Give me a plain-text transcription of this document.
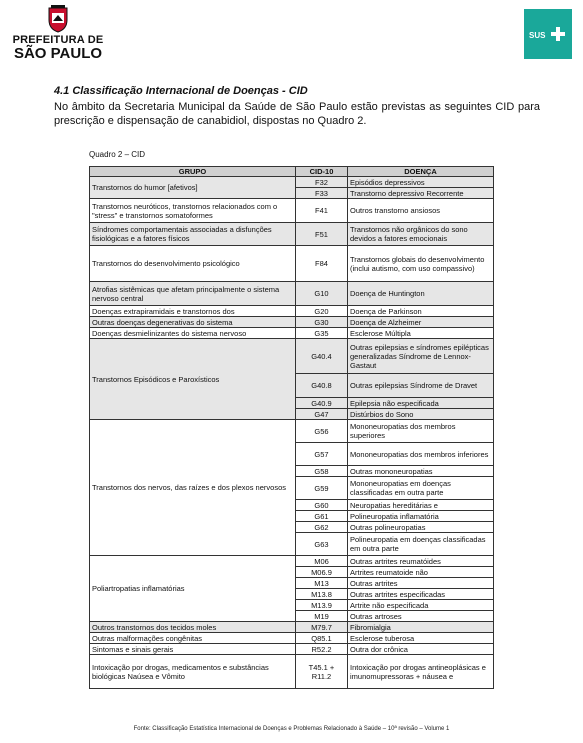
PREFEITURA DE
SÃO PAULO
SUS
4.1 Classificação Internacional de Doenças - CID
No âmbito da Secretaria Municipal da Saúde de São Paulo estão previstas as seguintes CID para prescrição e dispensação de canabidiol, dispostas no Quadro 2.
Quadro 2 – CID
GRUPO	CID-10	DOENÇA
Transtornos do humor [afetivos]	F32	Episódios depressivos
	F33	Transtorno depressivo Recorrente
Transtornos neuróticos, transtornos relacionados com o "stress" e transtornos somatoformes	F41	Outros transtorno ansiosos
Síndromes comportamentais associadas a disfunções fisiológicas e a fatores físicos	F51	Transtornos não orgânicos do sono devidos a fatores emocionais
Transtornos do desenvolvimento psicológico	F84	Transtornos globais do desenvolvimento (inclui autismo, com uso compassivo)
Atrofias sistêmicas que afetam principalmente o sistema nervoso central	G10	Doença de Huntington
Doenças extrapiramidais e transtornos dos	G20	Doença de Parkinson
Outras doenças degenerativas do sistema	G30	Doença de Alzheimer
Doenças desmielinizantes do sistema nervoso	G35	Esclerose Múltipla
Transtornos Episódicos e Paroxísticos	G40.4	Outras epilepsias e síndromes epilépticas generalizadas Síndrome de Lennox-Gastaut
	G40.8	Outras epilepsias Síndrome de Dravet
	G40.9	Epilepsia não especificada
	G47	Distúrbios do Sono
Transtornos dos nervos, das raízes e dos plexos nervosos	G56	Mononeuropatias dos membros superiores
	G57	Mononeuropatias dos membros inferiores
	G58	Outras mononeuropatias
	G59	Mononeuropatias em doenças classificadas em outra parte
	G60	Neuropatias hereditárias e
	G61	Polineuropatia inflamatória
	G62	Outras polineuropatias
	G63	Polineuropatia em doenças classificadas em outra parte
Poliartropatias inflamatórias	M06	Outras artrites reumatóides
	M06.9	Artrites reumatoide não
	M13	Outras artrites
	M13.8	Outras artrites especificadas
	M13.9	Artrite não especificada
	M19	Outras artroses
Outros transtornos dos tecidos moles	M79.7	Fibromialgia
Outras malformações congênitas	Q85.1	Esclerose tuberosa
Sintomas e sinais gerais	R52.2	Outra dor crônica
Intoxicação por drogas, medicamentos e substâncias biológicas Naúsea e Vômito	T45.1 + R11.2	Intoxicação por drogas antineoplásicas e imunomupressoras + náusea e
Fonte: Classificação Estatística Internacional de Doenças e Problemas Relacionado à Saúde – 10ª revisão – Volume 1
